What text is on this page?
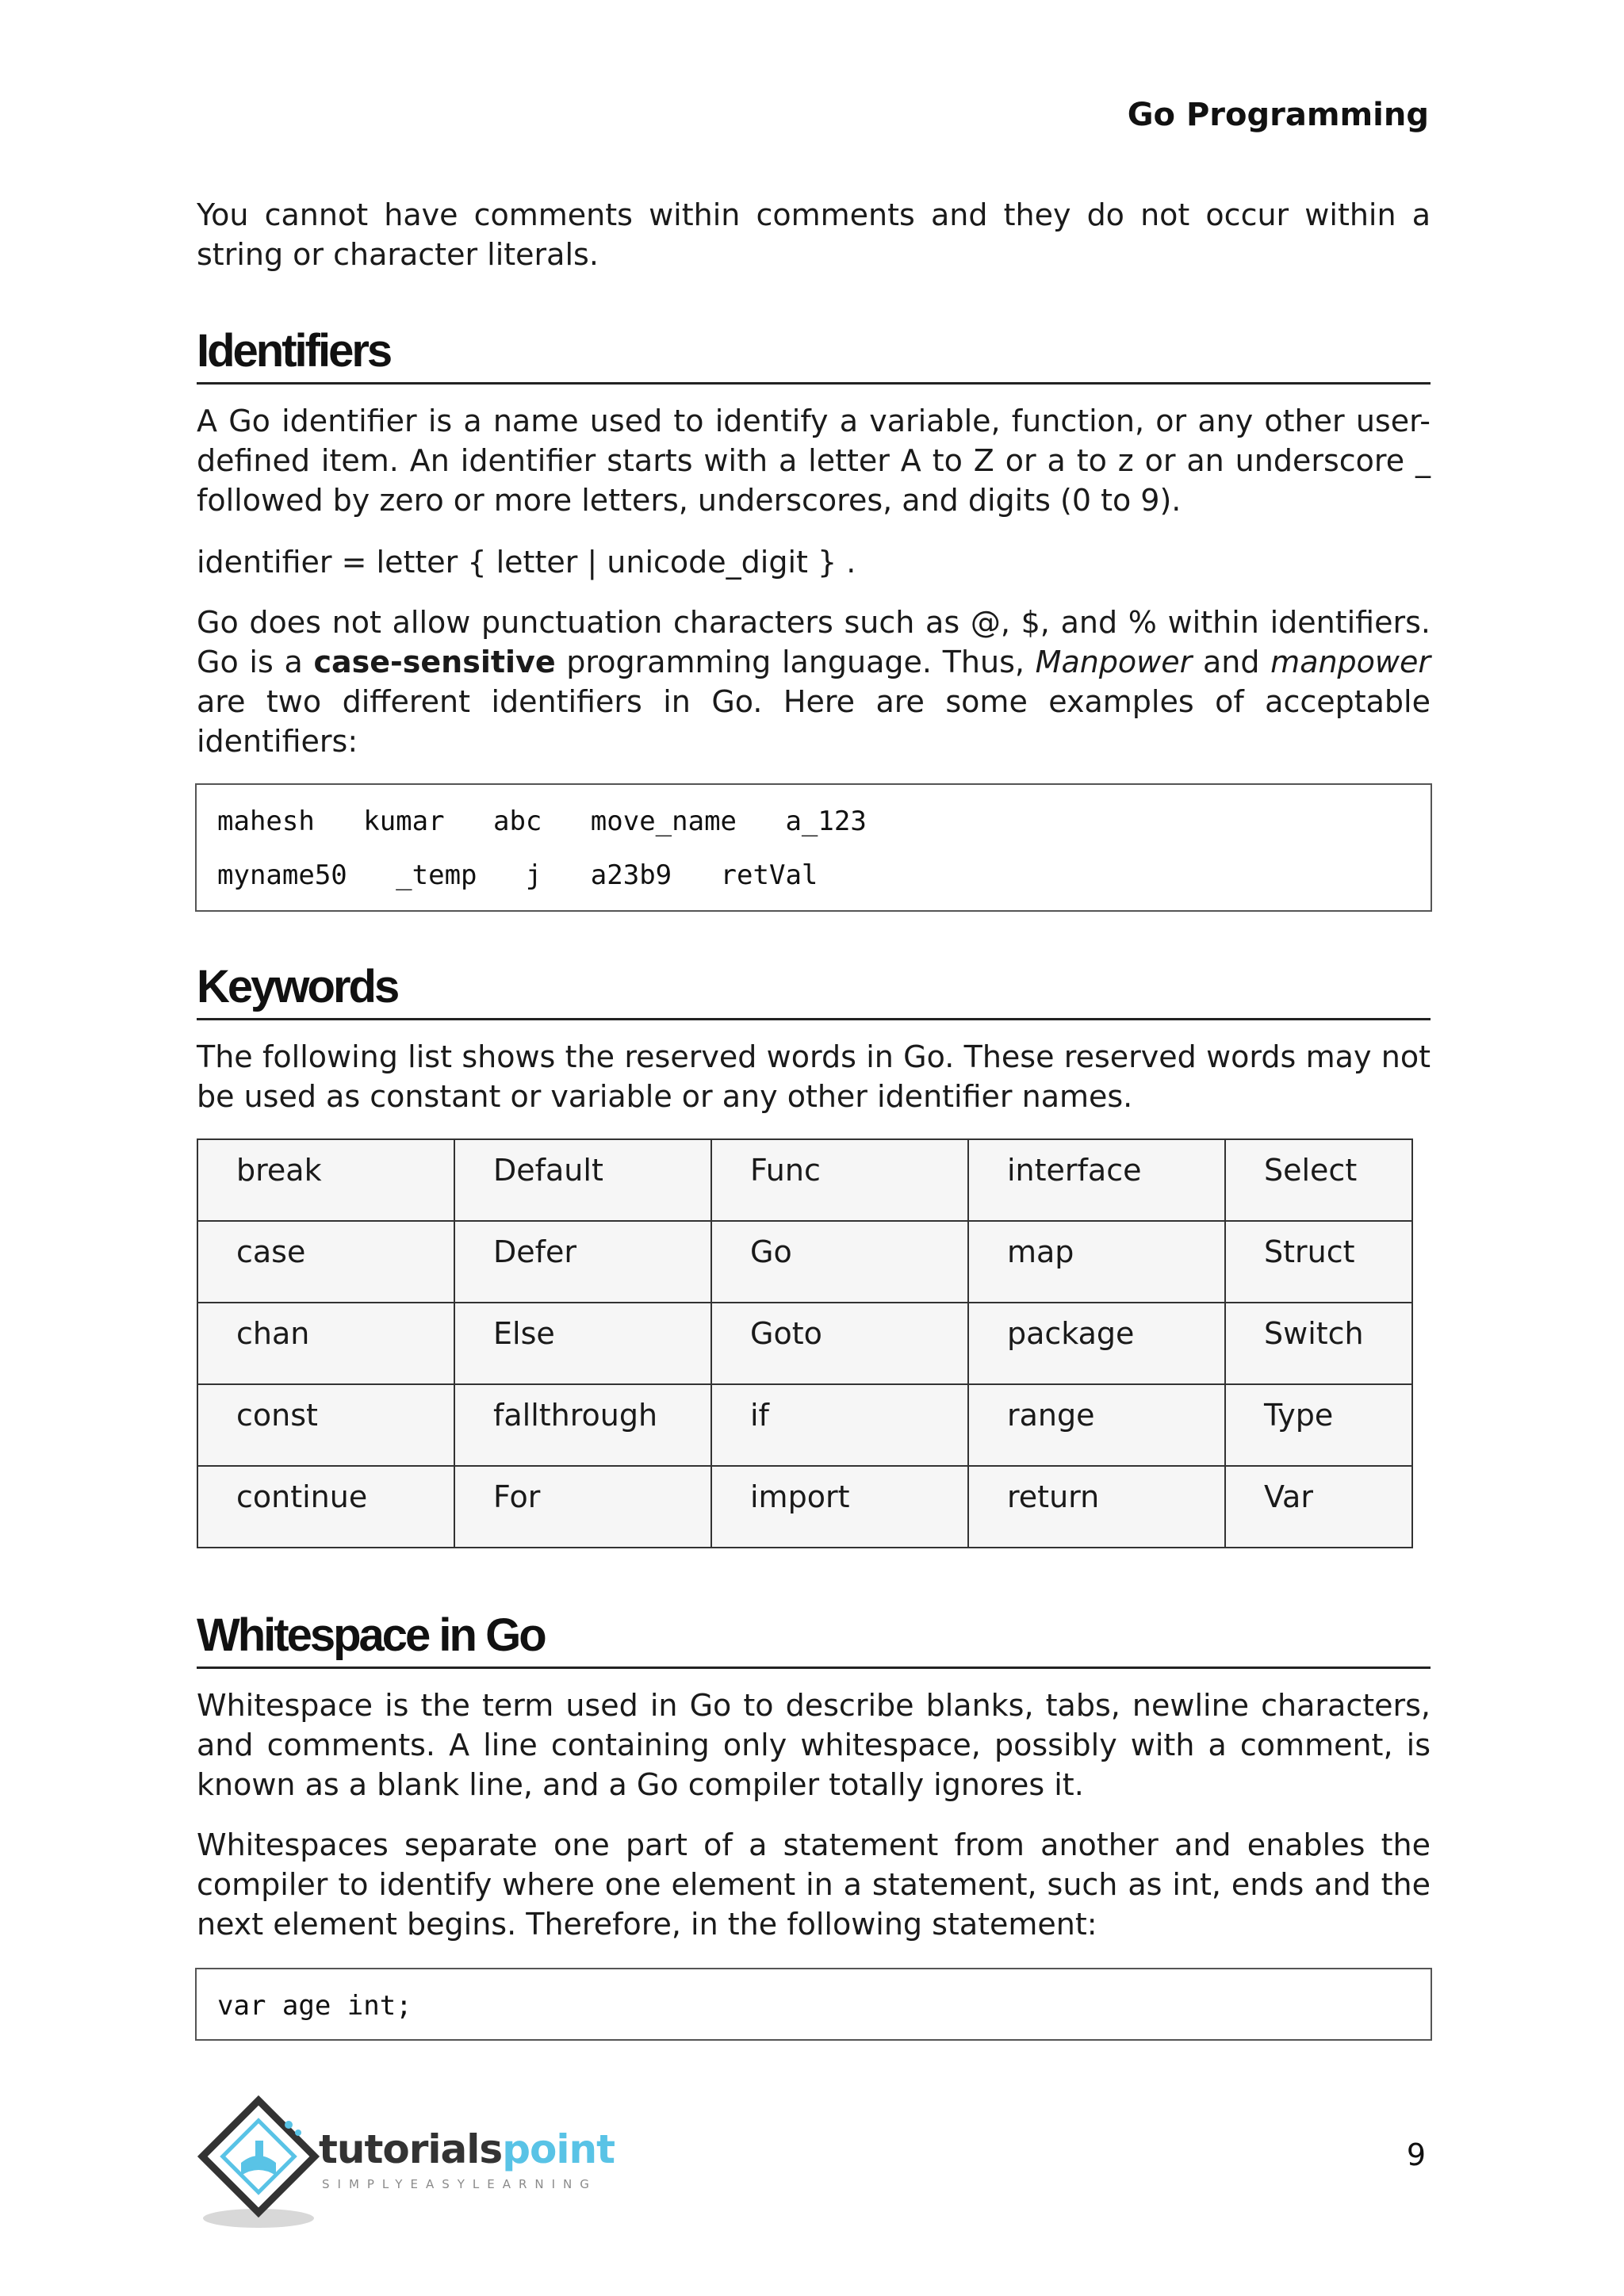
Go Programming

You cannot have comments within comments and they do not occur within a string or character literals.

Identifiers

A Go identifier is a name used to identify a variable, function, or any other user-defined item. An identifier starts with a letter A to Z or a to z or an underscore _ followed by zero or more letters, underscores, and digits (0 to 9).

identifier = letter { letter | unicode_digit } .

Go does not allow punctuation characters such as @, $, and % within identifiers. Go is a case-sensitive programming language. Thus, Manpower and manpower are two different identifiers in Go. Here are some examples of acceptable identifiers:

mahesh   kumar   abc   move_name   a_123
myname50   _temp   j   a23b9   retVal
Keywords

The following list shows the reserved words in Go. These reserved words may not be used as constant or variable or any other identifier names.

break	Default	Func	interface	Select
case	Defer	Go	map	Struct
chan	Else	Goto	package	Switch
const	fallthrough	if	range	Type
continue	For	import	return	Var
Whitespace in Go

Whitespace is the term used in Go to describe blanks, tabs, newline characters, and comments. A line containing only whitespace, possibly with a comment, is known as a blank line, and a Go compiler totally ignores it.

Whitespaces separate one part of a statement from another and enables the compiler to identify where one element in a statement, such as int, ends and the next element begins. Therefore, in the following statement:

var age int;
tutorialspoint
SIMPLYEASYLEARNING
9
